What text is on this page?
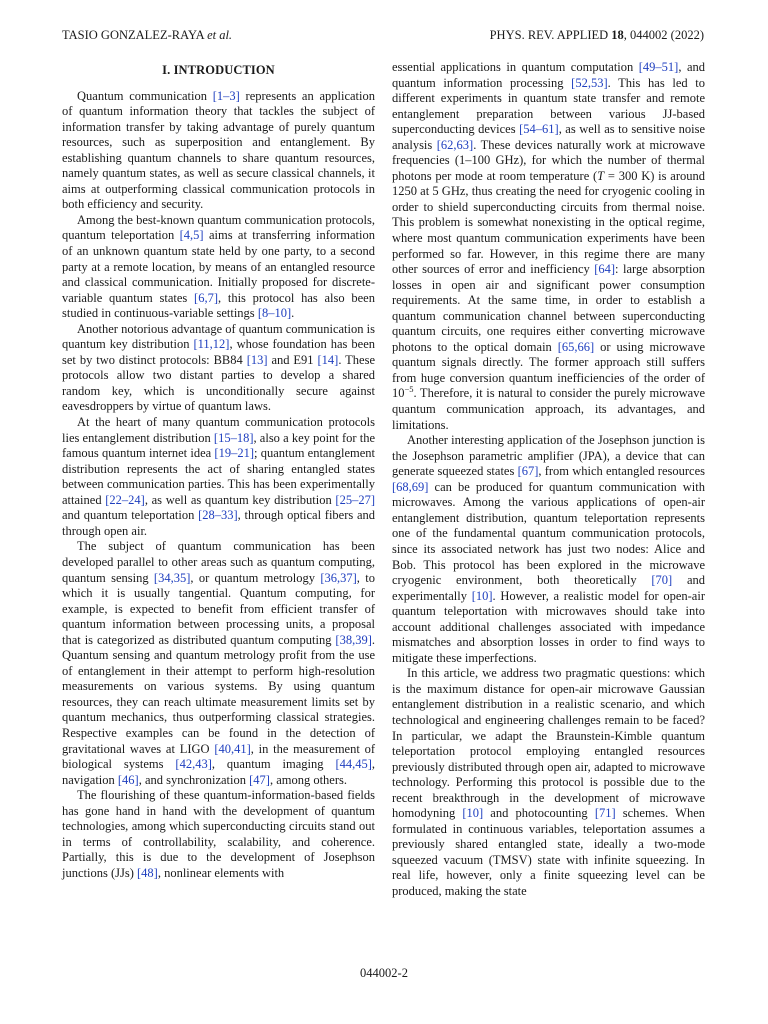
TASIO GONZALEZ-RAYA et al.	PHYS. REV. APPLIED 18, 044002 (2022)
I. INTRODUCTION

Quantum communication [1–3] represents an application of quantum information theory that tackles the subject of information transfer by taking advantage of purely quantum resources, such as superposition and entanglement. By establishing quantum channels to share quantum resources, namely quantum states, as well as secure classical channels, it aims at outperforming classical communication protocols in both efficiency and security.

Among the best-known quantum communication protocols, quantum teleportation [4,5] aims at transferring information of an unknown quantum state held by one party, to a second party at a remote location, by means of an entangled resource and classical communication. Initially proposed for discrete-variable quantum states [6,7], this protocol has also been studied in continuous-variable settings [8–10].

Another notorious advantage of quantum communication is quantum key distribution [11,12], whose foundation has been set by two distinct protocols: BB84 [13] and E91 [14]. These protocols allow two distant parties to develop a shared random key, which is unconditionally secure against eavesdroppers by virtue of quantum laws.

At the heart of many quantum communication protocols lies entanglement distribution [15–18], also a key point for the famous quantum internet idea [19–21]; quantum entanglement distribution represents the act of sharing entangled states between communication parties. This has been experimentally attained [22–24], as well as quantum key distribution [25–27] and quantum teleportation [28–33], through optical fibers and through open air.

The subject of quantum communication has been developed parallel to other areas such as quantum computing, quantum sensing [34,35], or quantum metrology [36,37], to which it is usually tangential. Quantum computing, for example, is expected to benefit from efficient transfer of quantum information between processing units, a proposal that is categorized as distributed quantum computing [38,39]. Quantum sensing and quantum metrology profit from the use of entanglement in their attempt to perform high-resolution measurements on various systems. By using quantum resources, they can reach ultimate measurement limits set by quantum mechanics, thus outperforming classical strategies. Respective examples can be found in the detection of gravitational waves at LIGO [40,41], in the measurement of biological systems [42,43], quantum imaging [44,45], navigation [46], and synchronization [47], among others.

The flourishing of these quantum-information-based fields has gone hand in hand with the development of quantum technologies, among which superconducting circuits stand out in terms of controllability, scalability, and coherence. Partially, this is due to the development of Josephson junctions (JJs) [48], nonlinear elements with

essential applications in quantum computation [49–51], and quantum information processing [52,53]. This has led to different experiments in quantum state transfer and remote entanglement preparation between various JJ-based superconducting devices [54–61], as well as to sensitive noise analysis [62,63]. These devices naturally work at microwave frequencies (1–100 GHz), for which the number of thermal photons per mode at room temperature (T = 300 K) is around 1250 at 5 GHz, thus creating the need for cryogenic cooling in order to shield superconducting circuits from thermal noise. This problem is somewhat nonexisting in the optical regime, where most quantum communication experiments have been performed so far. However, in this regime there are many other sources of error and inefficiency [64]: large absorption losses in open air and significant power consumption requirements. At the same time, in order to establish a quantum communication channel between superconducting quantum circuits, one requires either converting microwave photons to the optical domain [65,66] or using microwave quantum signals directly. The former approach still suffers from huge conversion quantum inefficiencies of the order of $10^{-5}$. Therefore, it is natural to consider the purely microwave quantum communication approach, its advantages, and limitations.

Another interesting application of the Josephson junction is the Josephson parametric amplifier (JPA), a device that can generate squeezed states [67], from which entangled resources [68,69] can be produced for quantum communication with microwaves. Among the various applications of open-air entanglement distribution, quantum teleportation represents one of the fundamental quantum communication protocols, since its associated network has just two nodes: Alice and Bob. This protocol has been explored in the microwave cryogenic environment, both theoretically [70] and experimentally [10]. However, a realistic model for open-air quantum teleportation with microwaves should take into account additional challenges associated with impedance mismatches and absorption losses in order to find ways to mitigate these imperfections.

In this article, we address two pragmatic questions: which is the maximum distance for open-air microwave Gaussian entanglement distribution in a realistic scenario, and which technological and engineering challenges remain to be faced? In particular, we adapt the Braunstein-Kimble quantum teleportation protocol employing entangled resources previously distributed through open air, adapted to microwave technology. Performing this protocol is possible due to the recent breakthrough in the development of microwave homodyning [10] and photocounting [71] schemes. When formulated in continuous variables, teleportation assumes a previously shared entangled state, ideally a two-mode squeezed vacuum (TMSV) state with infinite squeezing. In real life, however, only a finite squeezing level can be produced, making the state

044002-2
